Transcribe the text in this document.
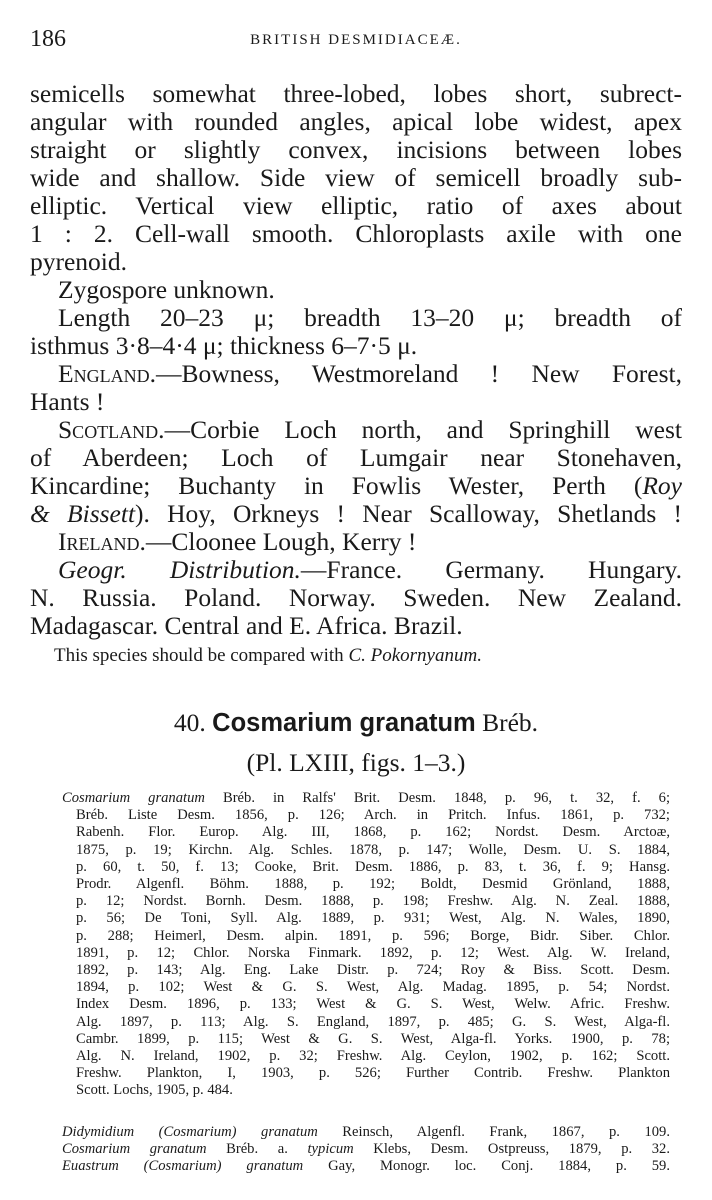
186	BRITISH DESMIDIACEÆ.
semicells somewhat three-lobed, lobes short, subrect-
angular with rounded angles, apical lobe widest, apex
straight or slightly convex, incisions between lobes
wide and shallow. Side view of semicell broadly sub-
elliptic. Vertical view elliptic, ratio of axes about
1 : 2. Cell-wall smooth. Chloroplasts axile with one
pyrenoid.
Zygospore unknown.
Length 20–23 μ; breadth 13–20 μ; breadth of
isthmus 3·8–4·4 μ; thickness 6–7·5 μ.
England.—Bowness, Westmoreland ! New Forest,
Hants !
Scotland.—Corbie Loch north, and Springhill west
of Aberdeen; Loch of Lumgair near Stonehaven,
Kincardine; Buchanty in Fowlis Wester, Perth (Roy
& Bissett). Hoy, Orkneys ! Near Scalloway, Shetlands !
Ireland.—Cloonee Lough, Kerry !
Geogr. Distribution.—France. Germany. Hungary.
N. Russia. Poland. Norway. Sweden. New Zealand.
Madagascar. Central and E. Africa. Brazil.
This species should be compared with C. Pokornyanum.
40. Cosmarium granatum Bréb.
(Pl. LXIII, figs. 1–3.)
Cosmarium granatum Bréb. in Ralfs' Brit. Desm. 1848, p. 96, t. 32, f. 6;
Bréb. Liste Desm. 1856, p. 126; Arch. in Pritch. Infus. 1861, p. 732;
Rabenh. Flor. Europ. Alg. III, 1868, p. 162; Nordst. Desm. Arctoæ,
1875, p. 19; Kirchn. Alg. Schles. 1878, p. 147; Wolle, Desm. U. S. 1884,
p. 60, t. 50, f. 13; Cooke, Brit. Desm. 1886, p. 83, t. 36, f. 9; Hansg.
Prodr. Algenfl. Böhm. 1888, p. 192; Boldt, Desmid Grönland, 1888,
p. 12; Nordst. Bornh. Desm. 1888, p. 198; Freshw. Alg. N. Zeal. 1888,
p. 56; De Toni, Syll. Alg. 1889, p. 931; West, Alg. N. Wales, 1890,
p. 288; Heimerl, Desm. alpin. 1891, p. 596; Borge, Bidr. Siber. Chlor.
1891, p. 12; Chlor. Norska Finmark. 1892, p. 12; West. Alg. W. Ireland,
1892, p. 143; Alg. Eng. Lake Distr. p. 724; Roy & Biss. Scott. Desm.
1894, p. 102; West & G. S. West, Alg. Madag. 1895, p. 54; Nordst.
Index Desm. 1896, p. 133; West & G. S. West, Welw. Afric. Freshw.
Alg. 1897, p. 113; Alg. S. England, 1897, p. 485; G. S. West, Alga-fl.
Cambr. 1899, p. 115; West & G. S. West, Alga-fl. Yorks. 1900, p. 78;
Alg. N. Ireland, 1902, p. 32; Freshw. Alg. Ceylon, 1902, p. 162; Scott.
Freshw. Plankton, I, 1903, p. 526; Further Contrib. Freshw. Plankton
Scott. Lochs, 1905, p. 484.
Didymidium (Cosmarium) granatum Reinsch, Algenfl. Frank, 1867, p. 109.
Cosmarium granatum Bréb. a. typicum Klebs, Desm. Ostpreuss, 1879, p. 32.
Euastrum (Cosmarium) granatum Gay, Monogr. loc. Conj. 1884, p. 59.
